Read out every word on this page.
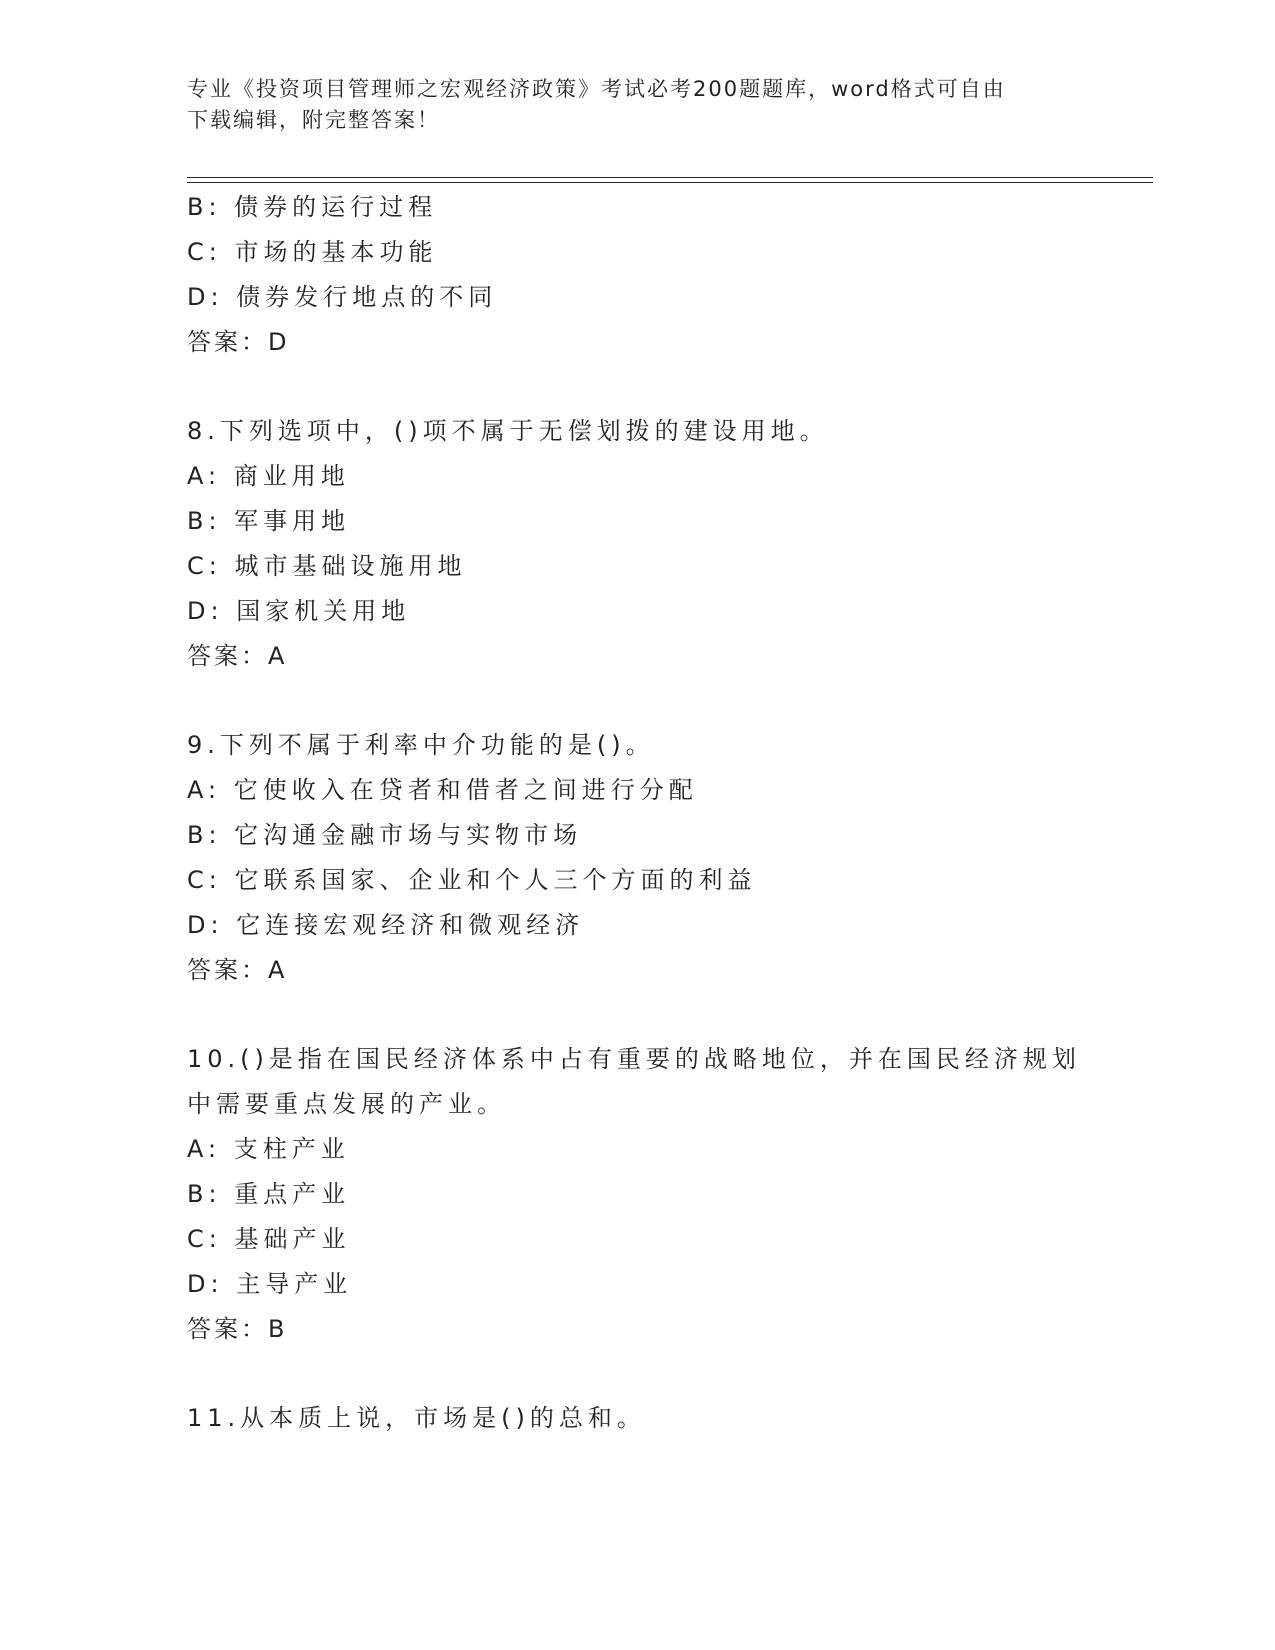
专业《投资项目管理师之宏观经济政策》考试必考200题题库，word格式可自由
下载编辑，附完整答案！
B: 债券的运行过程
C: 市场的基本功能
D: 债券发行地点的不同
答案：D
8.下列选项中，()项不属于无偿划拨的建设用地。
A: 商业用地
B: 军事用地
C: 城市基础设施用地
D: 国家机关用地
答案：A
9.下列不属于利率中介功能的是()。
A: 它使收入在贷者和借者之间进行分配
B: 它沟通金融市场与实物市场
C: 它联系国家、企业和个人三个方面的利益
D: 它连接宏观经济和微观经济
答案：A
10.()是指在国民经济体系中占有重要的战略地位，并在国民经济规划
中需要重点发展的产业。
A: 支柱产业
B: 重点产业
C: 基础产业
D: 主导产业
答案：B
11.从本质上说，市场是()的总和。
